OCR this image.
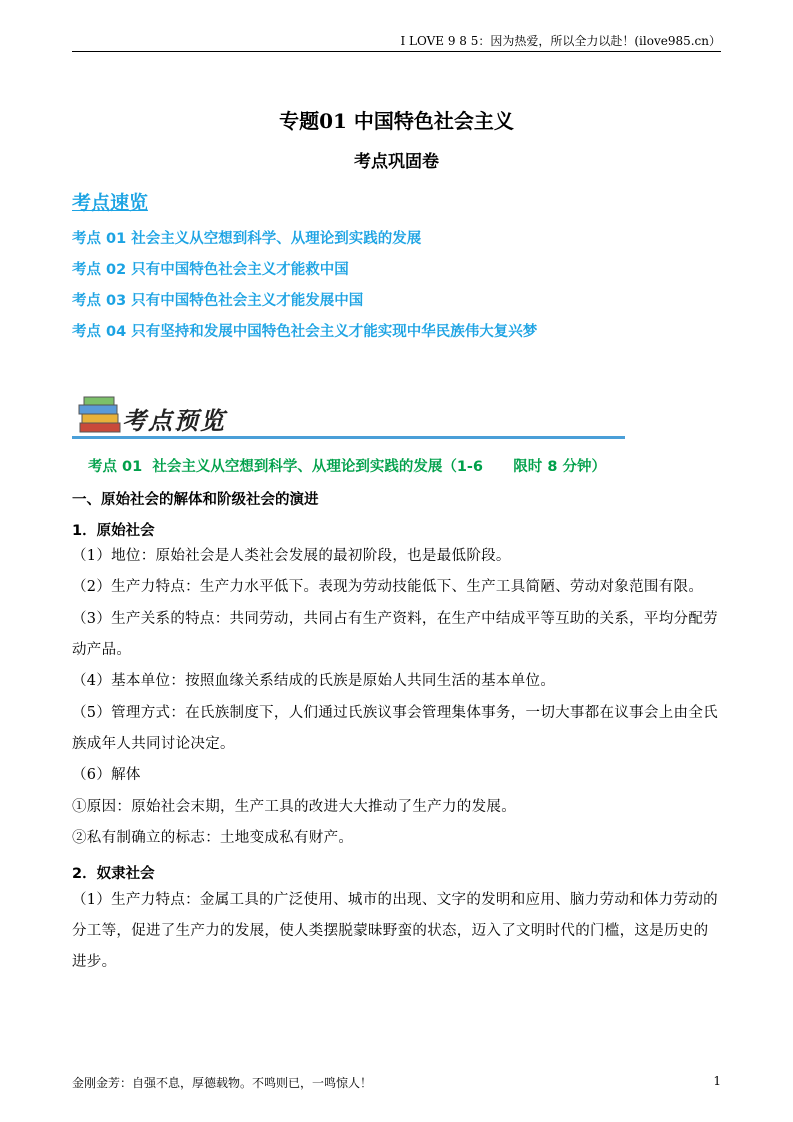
I LOVE 9 8 5：因为热爱，所以全力以赴！(ilove985.cn）
专题01 中国特色社会主义
考点巩固卷
考点速览
考点 01 社会主义从空想到科学、从理论到实践的发展
考点 02 只有中国特色社会主义才能救中国
考点 03 只有中国特色社会主义才能发展中国
考点 04 只有坚持和发展中国特色社会主义才能实现中华民族伟大复兴梦
考点预览
考点 01  社会主义从空想到科学、从理论到实践的发展（1-6      限时 8 分钟）
一、原始社会的解体和阶级社会的演进
1．原始社会
（1）地位：原始社会是人类社会发展的最初阶段，也是最低阶段。
（2）生产力特点：生产力水平低下。表现为劳动技能低下、生产工具简陋、劳动对象范围有限。
（3）生产关系的特点：共同劳动，共同占有生产资料，在生产中结成平等互助的关系，平均分配劳动产品。
（4）基本单位：按照血缘关系结成的氏族是原始人共同生活的基本单位。
（5）管理方式：在氏族制度下，人们通过氏族议事会管理集体事务，一切大事都在议事会上由全氏族成年人共同讨论决定。
（6）解体
①原因：原始社会末期，生产工具的改进大大推动了生产力的发展。
②私有制确立的标志：土地变成私有财产。
2．奴隶社会
（1）生产力特点：金属工具的广泛使用、城市的出现、文字的发明和应用、脑力劳动和体力劳动的分工等，促进了生产力的发展，使人类摆脱蒙昧野蛮的状态，迈入了文明时代的门槛，这是历史的进步。
金刚金芳：自强不息，厚德载物。不鸣则已，一鸣惊人！	1
